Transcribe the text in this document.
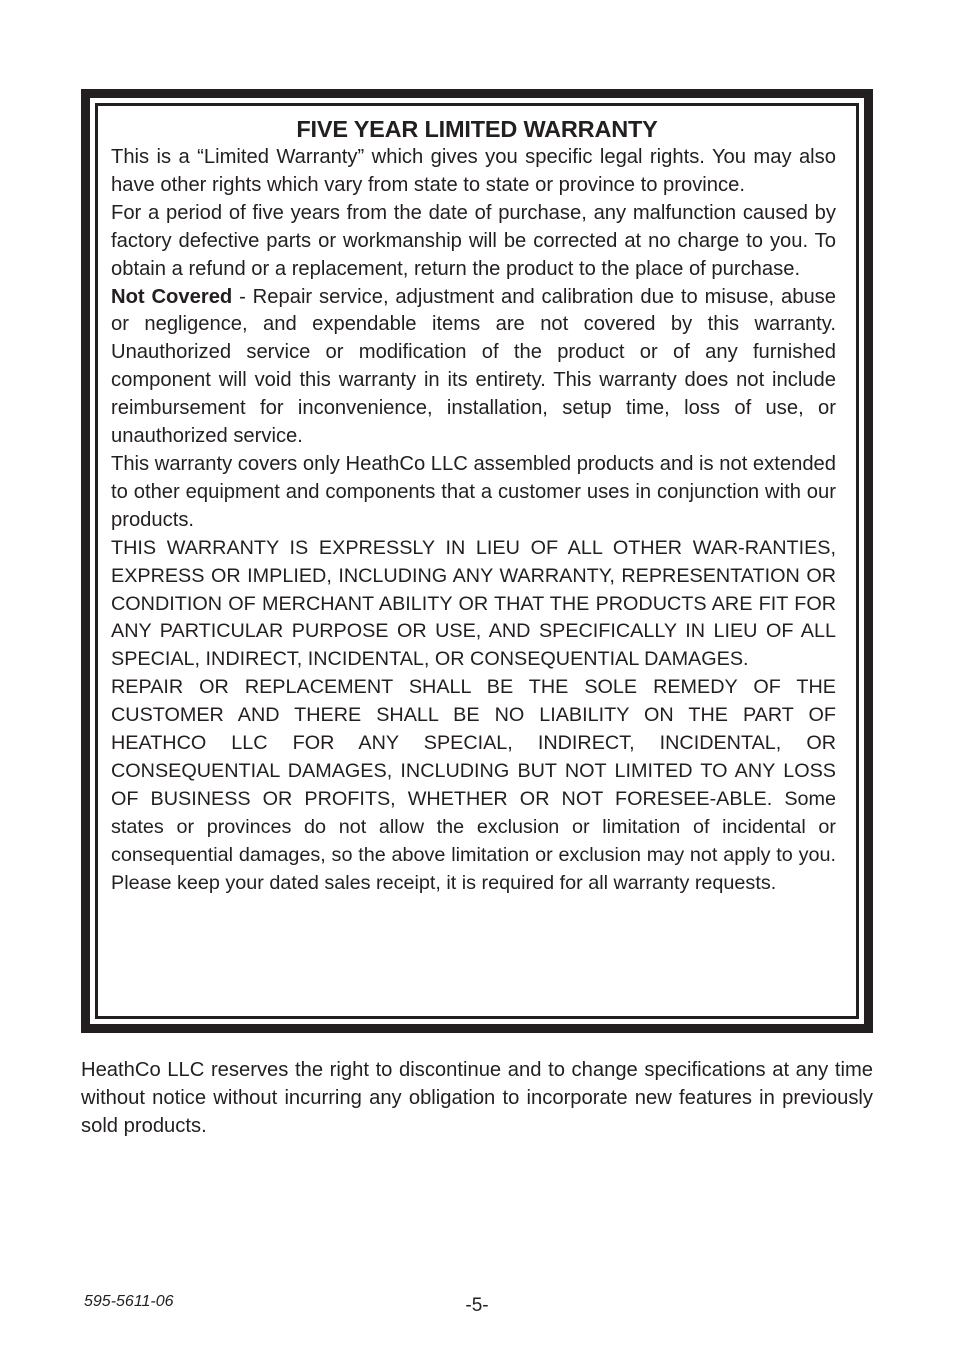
FIVE YEAR LIMITED WARRANTY

This is a “Limited Warranty” which gives you specific legal rights. You may also have other rights which vary from state to state or province to province.

For a period of five years from the date of purchase, any malfunction caused by factory defective parts or workmanship will be corrected at no charge to you. To obtain a refund or a replacement, return the product to the place of purchase.

Not Covered - Repair service, adjustment and calibration due to misuse, abuse or negligence, and expendable items are not covered by this warranty. Unauthorized service or modification of the product or of any furnished component will void this warranty in its entirety. This warranty does not include reimbursement for inconvenience, installation, setup time, loss of use, or unauthorized service.

This warranty covers only HeathCo LLC assembled products and is not extended to other equipment and components that a customer uses in conjunction with our products.

THIS WARRANTY IS EXPRESSLY IN LIEU OF ALL OTHER WAR-RANTIES, EXPRESS OR IMPLIED, INCLUDING ANY WARRANTY, REPRESENTATION OR CONDITION OF MERCHANT ABILITY OR THAT THE PRODUCTS ARE FIT FOR ANY PARTICULAR PURPOSE OR USE, AND SPECIFICALLY IN LIEU OF ALL SPECIAL, INDIRECT, INCIDENTAL, OR CONSEQUENTIAL DAMAGES.

REPAIR OR REPLACEMENT SHALL BE THE SOLE REMEDY OF THE CUSTOMER AND THERE SHALL BE NO LIABILITY ON THE PART OF HEATHCO LLC FOR ANY SPECIAL, INDIRECT, INCIDENTAL, OR CONSEQUENTIAL DAMAGES, INCLUDING BUT NOT LIMITED TO ANY LOSS OF BUSINESS OR PROFITS, WHETHER OR NOT FORESEE-ABLE. Some states or provinces do not allow the exclusion or limitation of incidental or consequential damages, so the above limitation or exclusion may not apply to you. Please keep your dated sales receipt, it is required for all warranty requests.

HeathCo LLC reserves the right to discontinue and to change specifications at any time without notice without incurring any obligation to incorporate new features in previously sold products.

595-5611-06	-5-
